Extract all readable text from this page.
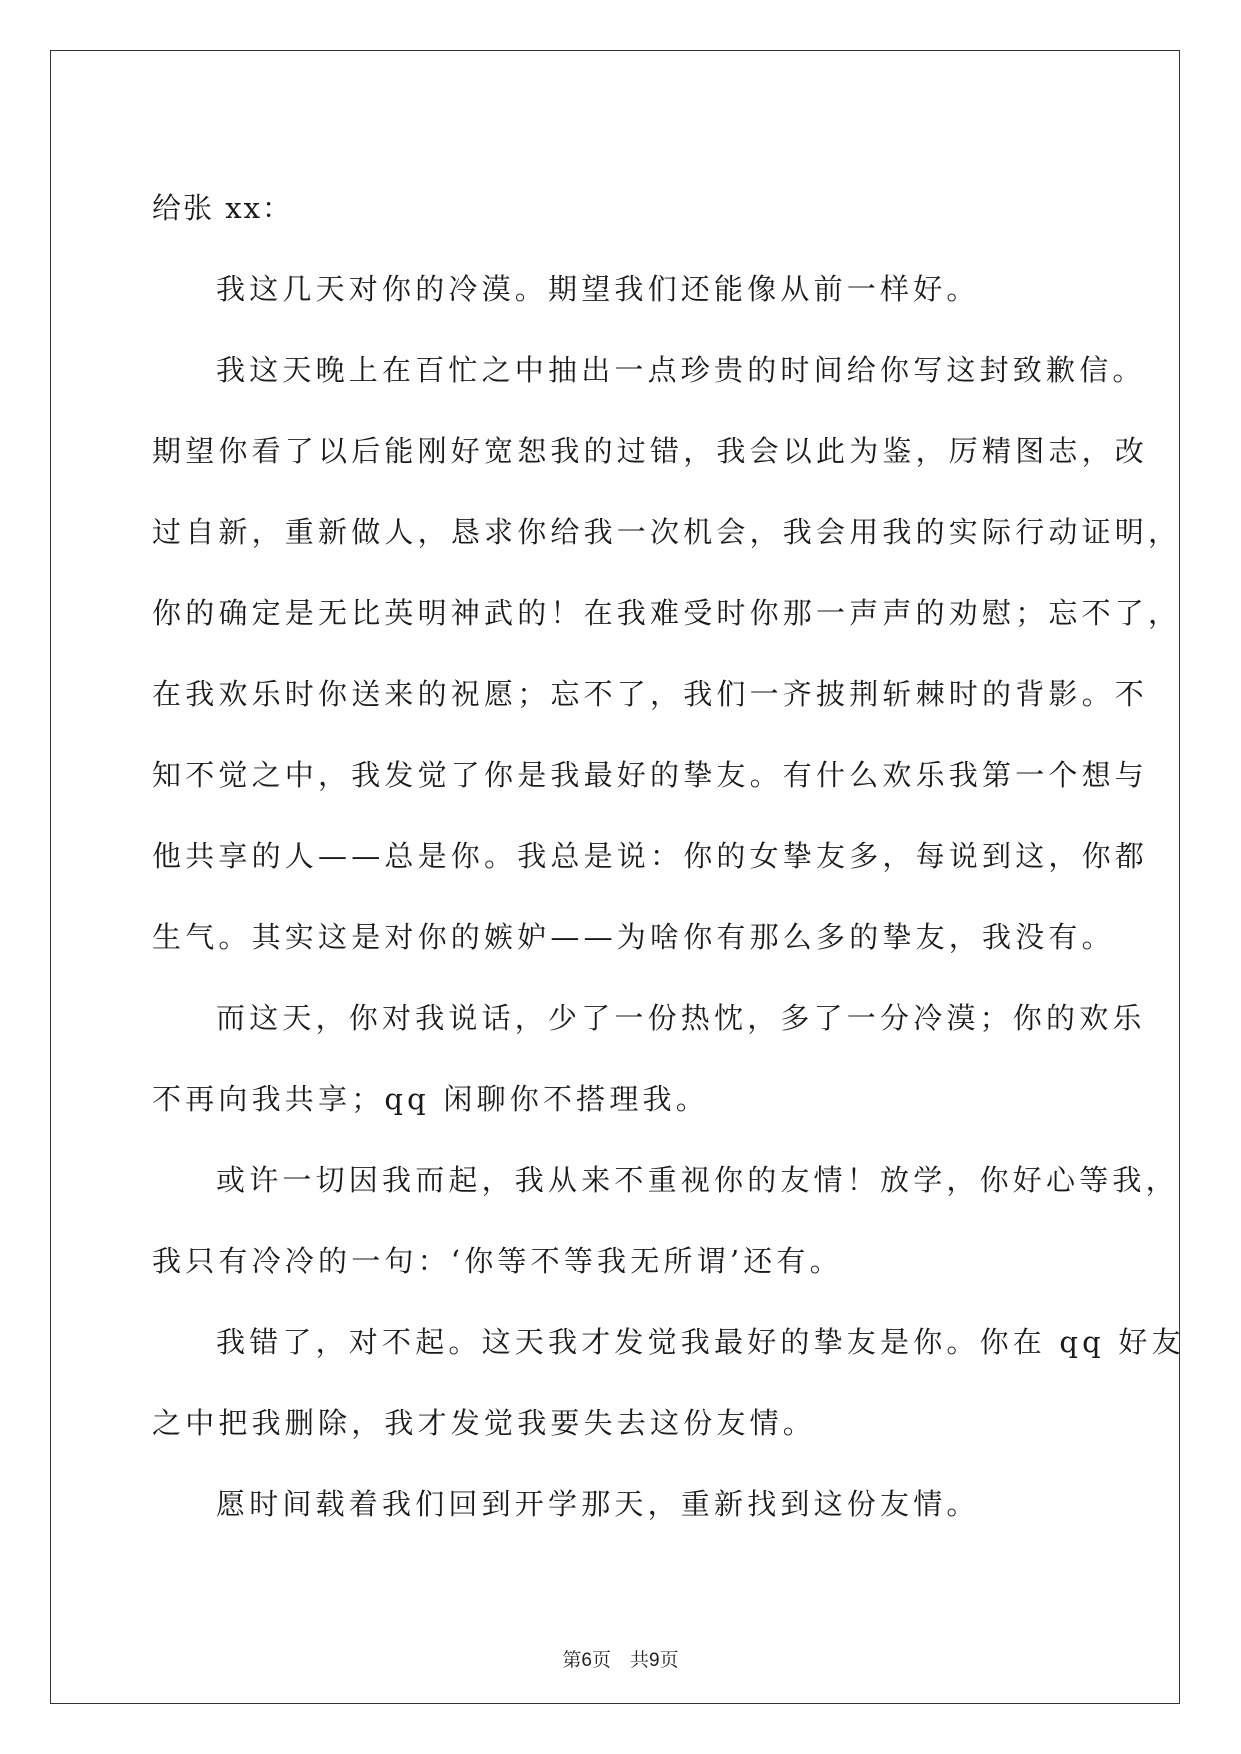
给张 xx：
我这几天对你的冷漠。期望我们还能像从前一样好。
我这天晚上在百忙之中抽出一点珍贵的时间给你写这封致歉信。
期望你看了以后能刚好宽恕我的过错，我会以此为鉴，厉精图志，改
过自新，重新做人，恳求你给我一次机会，我会用我的实际行动证明，
你的确定是无比英明神武的！在我难受时你那一声声的劝慰；忘不了，
在我欢乐时你送来的祝愿；忘不了，我们一齐披荆斩棘时的背影。不
知不觉之中，我发觉了你是我最好的挚友。有什么欢乐我第一个想与
他共享的人——总是你。我总是说：你的女挚友多，每说到这，你都
生气。其实这是对你的嫉妒——为啥你有那么多的挚友，我没有。
而这天，你对我说话，少了一份热忱，多了一分冷漠；你的欢乐
不再向我共享；qq 闲聊你不搭理我。
或许一切因我而起，我从来不重视你的友情！放学，你好心等我，
我只有冷冷的一句：‘你等不等我无所谓’还有。
我错了，对不起。这天我才发觉我最好的挚友是你。你在 qq 好友
之中把我删除，我才发觉我要失去这份友情。
愿时间载着我们回到开学那天，重新找到这份友情。
第6页　共9页
